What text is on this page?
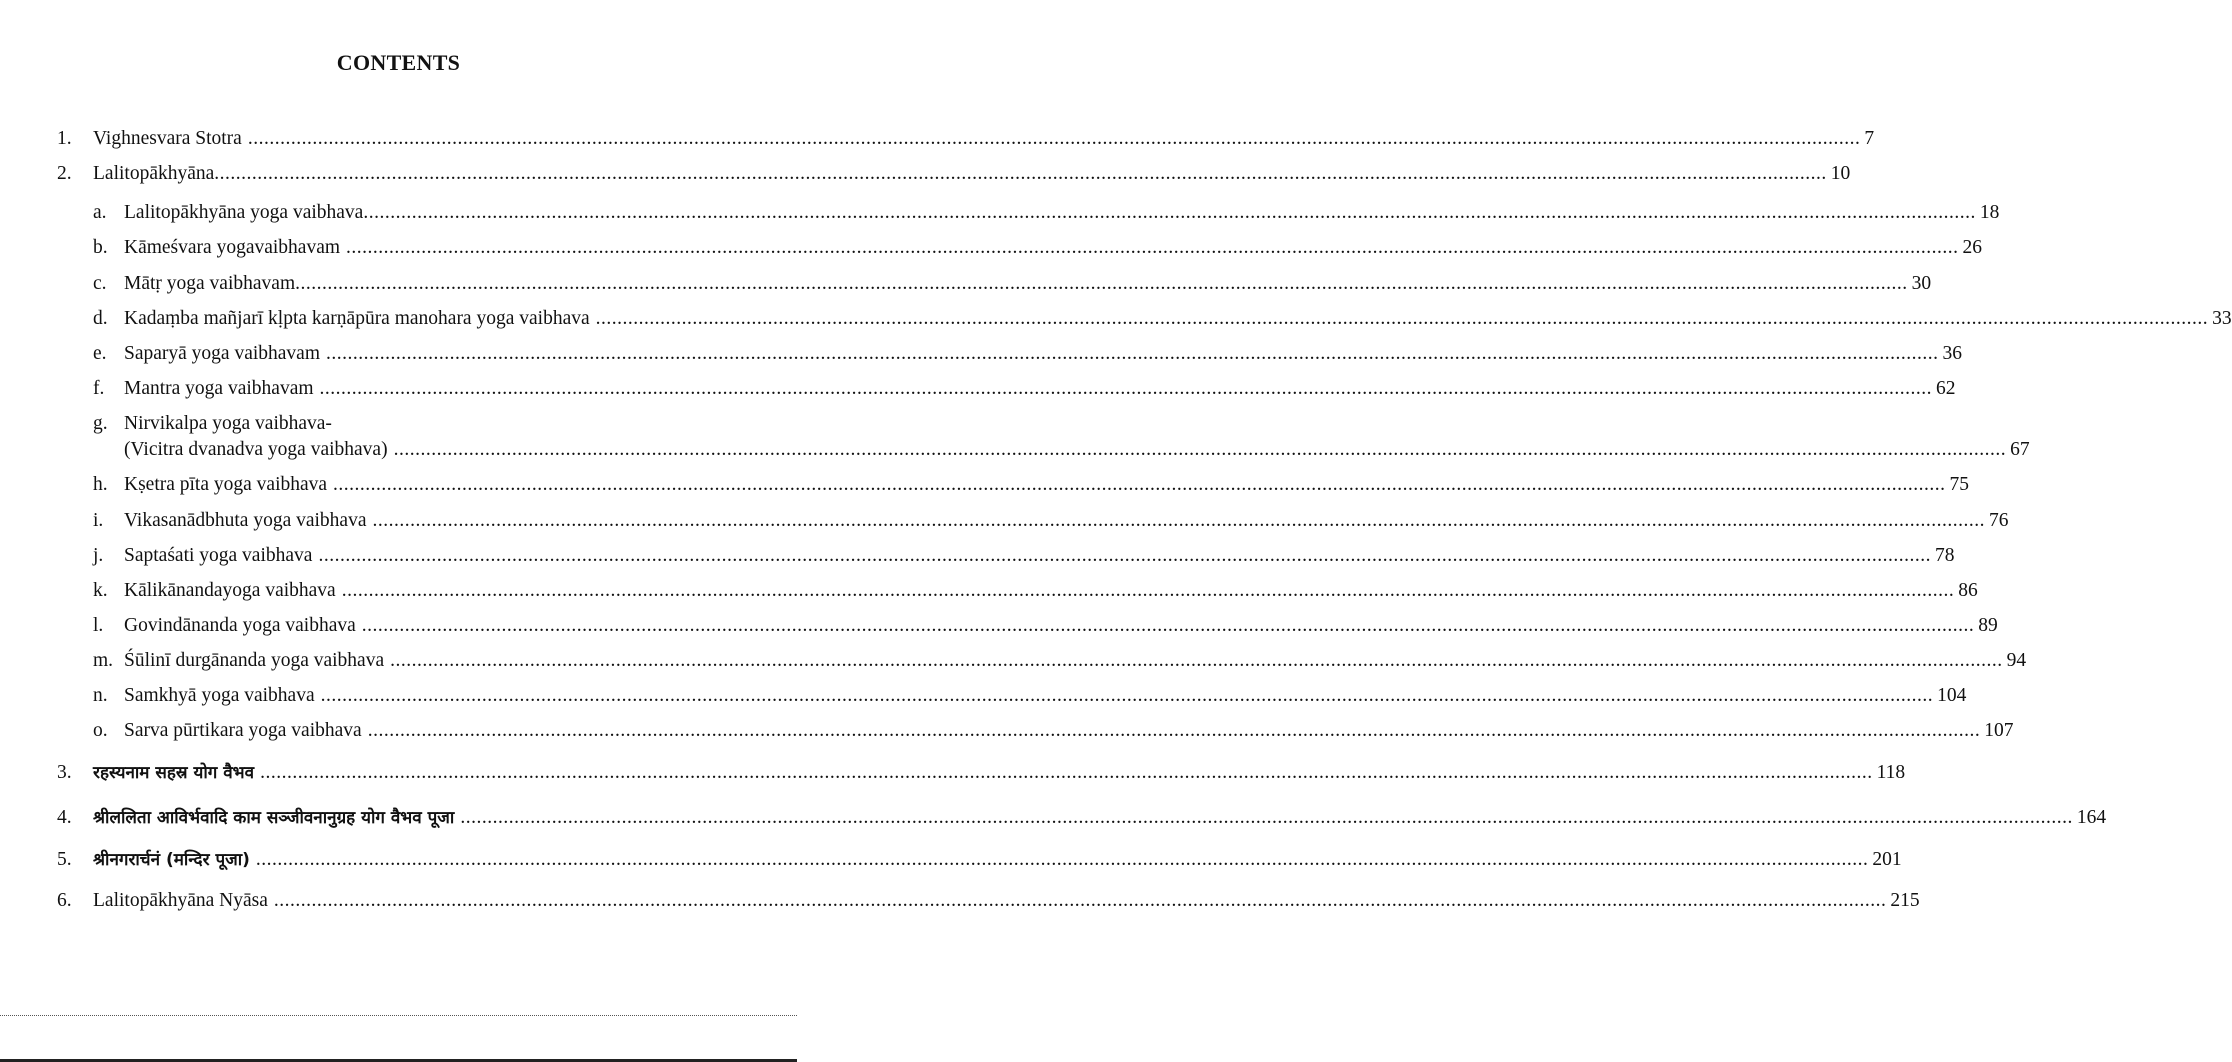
CONTENTS
1.	Vighnesvara Stotra ............................................................................................................................................................................................................................................................................................................ 7
2.	Lalitopākhyāna ............................................................................................................................................................................................................................................................................................................ 10
a. Lalitopākhyāna yoga vaibhava ............................................................................................................................................................................................................................................................................................................ 18
b. Kāmeśvara yogavaibhavam ............................................................................................................................................................................................................................................................................................................ 26
c. Mātṛ yoga vaibhavam ............................................................................................................................................................................................................................................................................................................ 30
d. Kadaṃba mañjarī kḷpta karṇāpūra manohara yoga vaibhava ............................................................................................................................................................................................................................................................................................................ 33
e. Saparyā yoga vaibhavam ............................................................................................................................................................................................................................................................................................................ 36
f.	Mantra yoga vaibhavam ............................................................................................................................................................................................................................................................................................................ 62
g. Nirvikalpa yoga vaibhava-
(Vicitra dvanadva yoga vaibhava) ............................................................................................................................................................................................................................................................................................................ 67
h. Kṣetra pīta yoga vaibhava ............................................................................................................................................................................................................................................................................................................ 75
i.	Vikasanādbhuta yoga vaibhava ............................................................................................................................................................................................................................................................................................................ 76
j.	Saptaśati yoga vaibhava ............................................................................................................................................................................................................................................................................................................ 78
k. Kālikānandayoga vaibhava ............................................................................................................................................................................................................................................................................................................ 86
l.	Govindānanda yoga vaibhava ............................................................................................................................................................................................................................................................................................................ 89
m. Śūlinī durgānanda yoga vaibhava ............................................................................................................................................................................................................................................................................................................ 94
n. Samkhyā yoga vaibhava ............................................................................................................................................................................................................................................................................................................ 104
o. Sarva pūrtikara yoga vaibhava ............................................................................................................................................................................................................................................................................................................ 107
3.	रहस्यनाम सहस्र योग वैभव ............................................................................................................................................................................................................................................................................................................ 118
4.	श्रीललिता आविर्भवादि काम सञ्जीवनानुग्रह योग वैभव पूजा ............................................................................................................................................................................................................................................................................................................ 164
5.	श्रीनगरार्चनं (मन्दिर पूजा) ............................................................................................................................................................................................................................................................................................................ 201
6.	Lalitopākhyāna Nyāsa ............................................................................................................................................................................................................................................................................................................ 215
